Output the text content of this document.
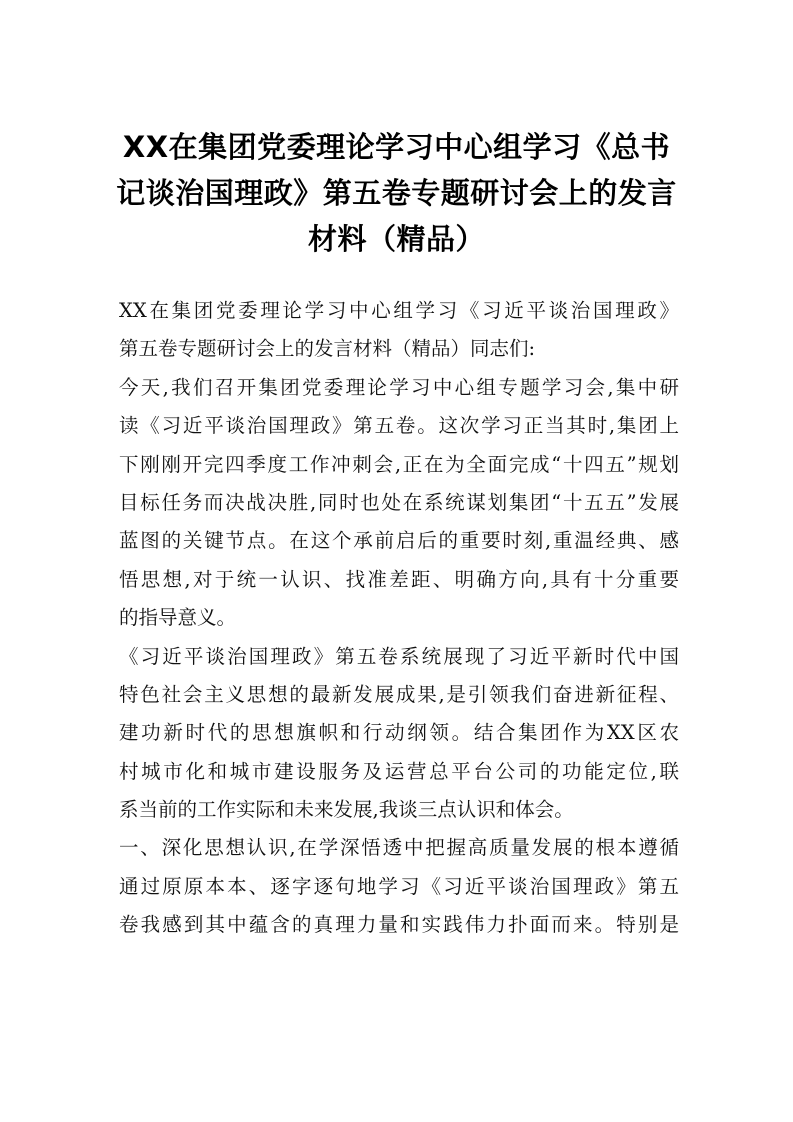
XX在集团党委理论学习中心组学习《总书记谈治国理政》第五卷专题研讨会上的发言材料（精品）
XX在集团党委理论学习中心组学习《习近平谈治国理政》
第五卷专题研讨会上的发言材料（精品）同志们:
今天,我们召开集团党委理论学习中心组专题学习会,集中研
读《习近平谈治国理政》第五卷。这次学习正当其时,集团上
下刚刚开完四季度工作冲刺会,正在为全面完成“十四五”规划
目标任务而决战决胜,同时也处在系统谋划集团“十五五”发展
蓝图的关键节点。在这个承前启后的重要时刻,重温经典、感
悟思想,对于统一认识、找准差距、明确方向,具有十分重要
的指导意义。
《习近平谈治国理政》第五卷系统展现了习近平新时代中国
特色社会主义思想的最新发展成果,是引领我们奋进新征程、
建功新时代的思想旗帜和行动纲领。结合集团作为XX区农
村城市化和城市建设服务及运营总平台公司的功能定位,联
系当前的工作实际和未来发展,我谈三点认识和体会。
一、深化思想认识,在学深悟透中把握高质量发展的根本遵循
通过原原本本、逐字逐句地学习《习近平谈治国理政》第五
卷我感到其中蕴含的真理力量和实践伟力扑面而来。特别是
